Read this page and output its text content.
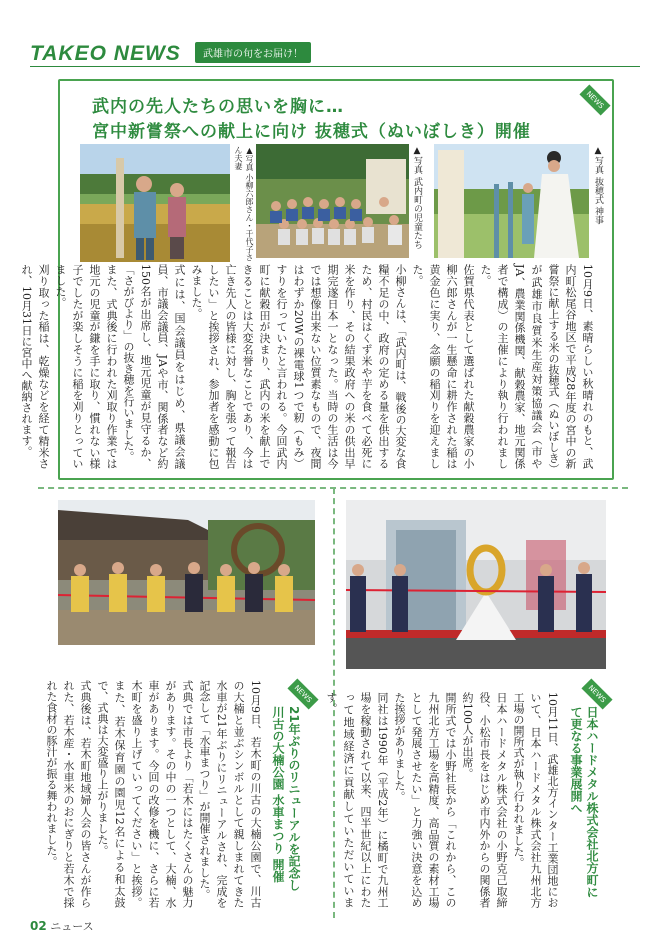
TAKEO NEWS	武雄市の旬をお届け！
NEWS
武内の先人たちの思いを胸に…
宮中新嘗祭への献上に向け 抜穂式（ぬいぼしき）開催
▲写真 小柳六郎さん・千代子さん夫妻	▲写真 武内町の児童たち	▲写真 抜穂式 神事

10月9日、素晴らしい秋晴れのもと、武内町松尾谷地区で平成28年度の宮中の新嘗祭に献上する米の抜穂式（ぬいぼしき）が武雄市良質米生産対策協議会（市やJA、農業関係機関、献穀農家、地元関係者で構成）の主催により執り行われました。

佐賀県代表として選ばれた献穀農家の小柳六郎さんが一生懸命に耕作された稲は黄金色に実り、念願の稲刈りを迎えました。

小柳さんは、「武内町は、戦後の大変な食糧不足の中、政府の定める量を供出するため、村民はくず米や芋を食べて必死に米を作り、その結果政府への米の供出早期完遂日本一となった。当時の生活は今では想像出来ない位質素なもので、夜間はわずか20Wの裸電球1つで籾（もみ）すりを行っていたと言われる。今回武内町に献穀田が決まり、武内の米を献上できることは大変名誉なことであり、今は亡き先人の皆様に対し、胸を張って報告したい」と挨拶され、参加者を感動に包みました。

式には、国会議員をはじめ、県議会議員、市議会議員、JAや市、関係者など約150名が出席し、地元児童が見守るか、「さがびより」の抜き穂を行いました。

また、式典後に行われた刈取り作業では地元の児童が鎌を手に取り、慣れない様子でしたが楽しそうに稲を刈りとっていました。

刈り取った稲は、乾燥などを経て精米され、10月31日に宮中へ献納されます。

NEWS
21年ぶりのリニューアルを記念し川古の大楠公園 水車まつり 開催

10月9日、若木町の川古の大楠公園で、川古の大楠と並ぶシンボルとして親しまれてきた水車が21年ぶりにリニューアルされ、完成を記念して「水車まつり」が開催されました。

式典では市長より「若木にはたくさんの魅力があります。その中の一つとして、大楠、水車があります。今回の改修を機に、さらに若木町を盛り上げていってください」と挨拶。また、若木保育園の園児12名による和太鼓で、式典は大変盛り上がりました。

式典後は、若木町地域婦人会の皆さんが作られた、若木産・水車米のおにぎりと若木で採れた食材の豚汁が振る舞われました。	NEWS
日本ハードメタル株式会社北方町にて更なる事業展開へ

10月11日、武雄北方インター工業団地において、日本ハードメタル株式会社九州北方工場の開所式が執り行われました。

日本ハードメタル株式会社の小野克己取締役、小松市長をはじめ市内外からの関係者約100人が出席。

開所式では小野社長から「これから、この九州北方工場を高精度、高品質の素材工場として発展させたい」と力強い決意を込めた挨拶がありました。

同社は1990年（平成2年）に橘町で九州工場を稼動されて以来、四半世紀以上にわたって地域経済に貢献していただいています。

02 ニュース
